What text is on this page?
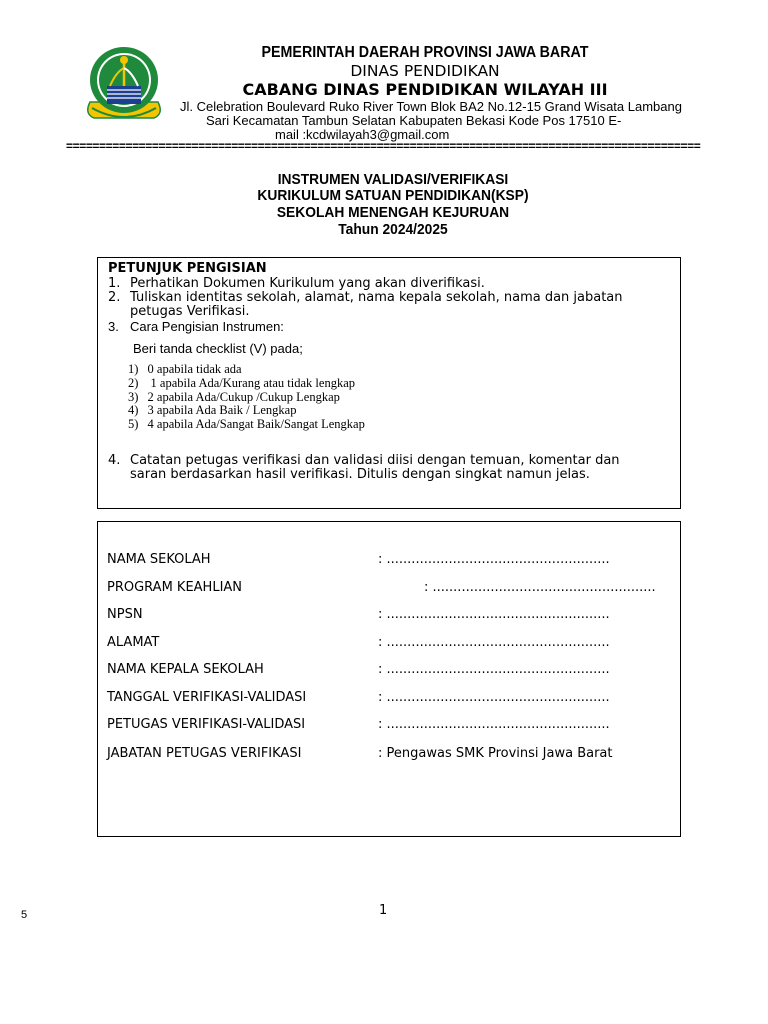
PEMERINTAH DAERAH PROVINSI JAWA BARAT
DINAS PENDIDIKAN
CABANG DINAS PENDIDIKAN WILAYAH III
Jl. Celebration Boulevard Ruko River Town Blok BA2 No.12-15 Grand Wisata Lambang
Sari Kecamatan Tambun Selatan Kabupaten Bekasi Kode Pos 17510 E-
mail :kcdwilayah3@gmail.com
================================================================================================
INSTRUMEN VALIDASI/VERIFIKASI
KURIKULUM SATUAN PENDIDIKAN(KSP)
SEKOLAH MENENGAH KEJURUAN
Tahun 2024/2025
PETUNJUK PENGISIAN
1. Perhatikan Dokumen Kurikulum yang akan diverifikasi.
2. Tuliskan identitas sekolah, alamat, nama kepala sekolah, nama dan jabatan
petugas Verifikasi.
3. Cara Pengisian Instrumen:
Beri tanda checklist (V) pada;
1) 0 apabila tidak ada
2) 1 apabila Ada/Kurang atau tidak lengkap
3) 2 apabila Ada/Cukup /Cukup Lengkap
4) 3 apabila Ada Baik / Lengkap
5) 4 apabila Ada/Sangat Baik/Sangat Lengkap
4. Catatan petugas verifikasi dan validasi diisi dengan temuan, komentar dan
saran berdasarkan hasil verifikasi. Ditulis dengan singkat namun jelas.
NAMA SEKOLAH	: ......................................................
PROGRAM KEAHLIAN	: ......................................................
NPSN	: ......................................................
ALAMAT	: ......................................................
NAMA KEPALA SEKOLAH	: ......................................................
TANGGAL VERIFIKASI-VALIDASI	: ......................................................
PETUGAS VERIFIKASI-VALIDASI	: ......................................................
JABATAN PETUGAS VERIFIKASI	: Pengawas SMK Provinsi Jawa Barat
1
5
